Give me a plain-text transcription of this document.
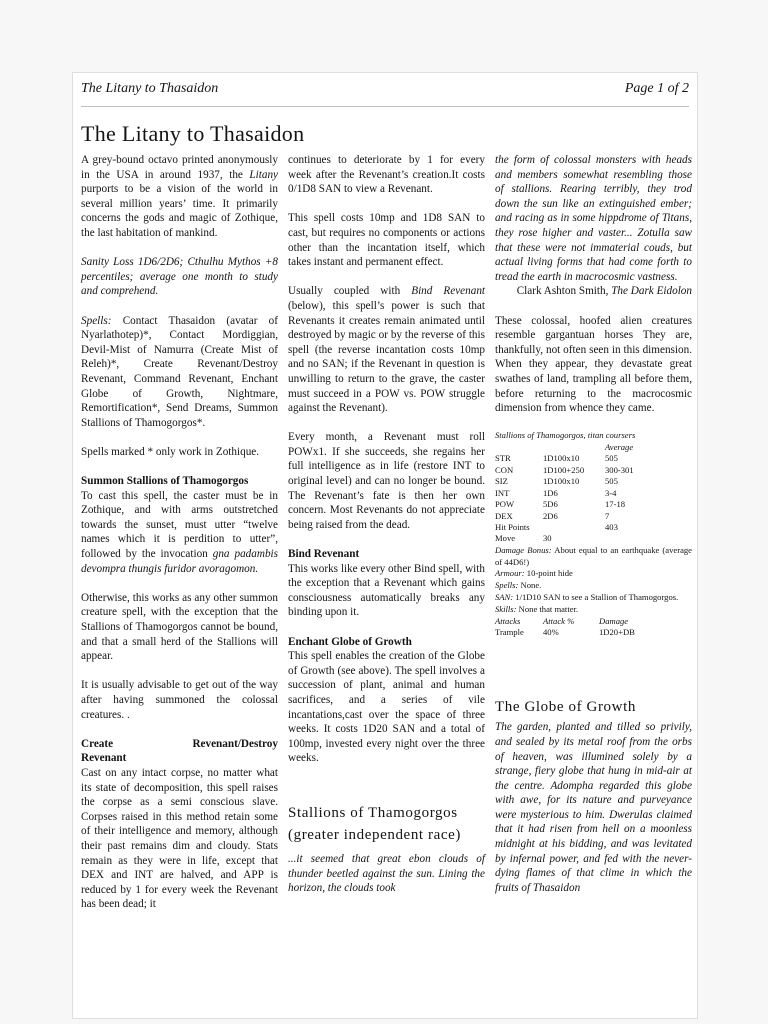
The Litany to Thasaidon	Page 1 of 2
The Litany to Thasaidon

A grey-bound octavo printed anonymously in the USA in around 1937, the Litany purports to be a vision of the world in several million years’ time. It primarily concerns the gods and magic of Zothique, the last habitation of mankind.

Sanity Loss 1D6/2D6; Cthulhu Mythos +8 percentiles; average one month to study and comprehend.

Spells: Contact Thasaidon (avatar of Nyarlathotep)*, Contact Mordiggian, Devil-Mist of Namurra (Create Mist of Releh)*, Create Revenant/Destroy Revenant, Command Revenant, Enchant Globe of Growth, Nightmare, Remortification*, Send Dreams, Summon Stallions of Thamogorgos*.

Spells marked * only work in Zothique.

Summon Stallions of Thamogorgos

To cast this spell, the caster must be in Zothique, and with arms outstretched towards the sunset, must utter “twelve names which it is perdition to utter”, followed by the invocation gna padambis devompra thungis furidor avoragomon.

Otherwise, this works as any other summon creature spell, with the exception that the Stallions of Thamogorgos cannot be bound, and that a small herd of the Stallions will appear.

It is usually advisable to get out of the way after having summoned the colossal creatures. .

Create	Revenant/Destroy
Revenant

Cast on any intact corpse, no matter what its state of decomposition, this spell raises the corpse as a semi conscious slave. Corpses raised in this method retain some of their intelligence and memory, although their past remains dim and cloudy. Stats remain as they were in life, except that DEX and INT are halved, and APP is reduced by 1 for every week the Revenant has been dead; it

continues to deteriorate by 1 for every week after the Revenant’s creation.It costs 0/1D8 SAN to view a Revenant.

This spell costs 10mp and 1D8 SAN to cast, but requires no components or actions other than the incantation itself, which takes instant and permanent effect.

Usually coupled with Bind Revenant (below), this spell’s power is such that Revenants it creates remain animated until destroyed by magic or by the reverse of this spell (the reverse incantation costs 10mp and no SAN; if the Revenant in question is unwilling to return to the grave, the caster must succeed in a POW vs. POW struggle against the Revenant).

Every month, a Revenant must roll POWx1. If she succeeds, she regains her full intelligence as in life (restore INT to original level) and can no longer be bound. The Revenant’s fate is then her own concern. Most Revenants do not appreciate being raised from the dead.

Bind Revenant

This works like every other Bind spell, with the exception that a Revenant which gains consciousness automatically breaks any binding upon it.

Enchant Globe of Growth

This spell enables the creation of the Globe of Growth (see above). The spell involves a succession of plant, animal and human sacrifices, and a series of vile incantations,cast over the space of three weeks. It costs 1D20 SAN and a total of 100mp, invested every night over the three weeks.

Stallions of Thamogorgos
(greater independent race)

...it seemed that great ebon clouds of thunder beetled against the sun. Lining the horizon, the clouds took

the form of colossal monsters with heads and members somewhat resembling those of stallions. Rearing terribly, they trod down the sun like an extinguished ember; and racing as in some hippdrome of Titans, they rose higher and vaster... Zotulla saw that these were not immaterial couds, but actual living forms that had come forth to tread the earth in macrocosmic vastness.

Clark Ashton Smith, The Dark Eidolon

These colossal, hoofed alien creatures resemble gargantuan horses They are, thankfully, not often seen in this dimension. When they appear, they devastate great swathes of land, trampling all before them, before returning to the macrocosmic dimension from whence they came.

Stallions of Thamogorgos, titan coursers
		Average
STR	1D100x10	505
CON	1D100+250	300-301
SIZ	1D100x10	505
INT	1D6	3-4
POW	5D6	17-18
DEX	2D6	7
Hit Points		403
Move	30	

Damage Bonus: About equal to an earthquake (average of 44D6!)

Armour: 10-point hide

Spells: None.

SAN: 1/1D10 SAN to see a Stallion of Thamogorgos.

Skills: None that matter.

Attacks	Attack %	Damage
Trample	40%	1D20+DB
The Globe of Growth

The garden, planted and tilled so privily, and sealed by its metal roof from the orbs of heaven, was illumined solely by a strange, fiery globe that hung in mid-air at the centre. Adompha regarded this globe with awe, for its nature and purveyance were mysterious to him. Dwerulas claimed that it had risen from hell on a moonless midnight at his bidding, and was levitated by infernal power, and fed with the never-dying flames of that clime in which the fruits of Thasaidon
